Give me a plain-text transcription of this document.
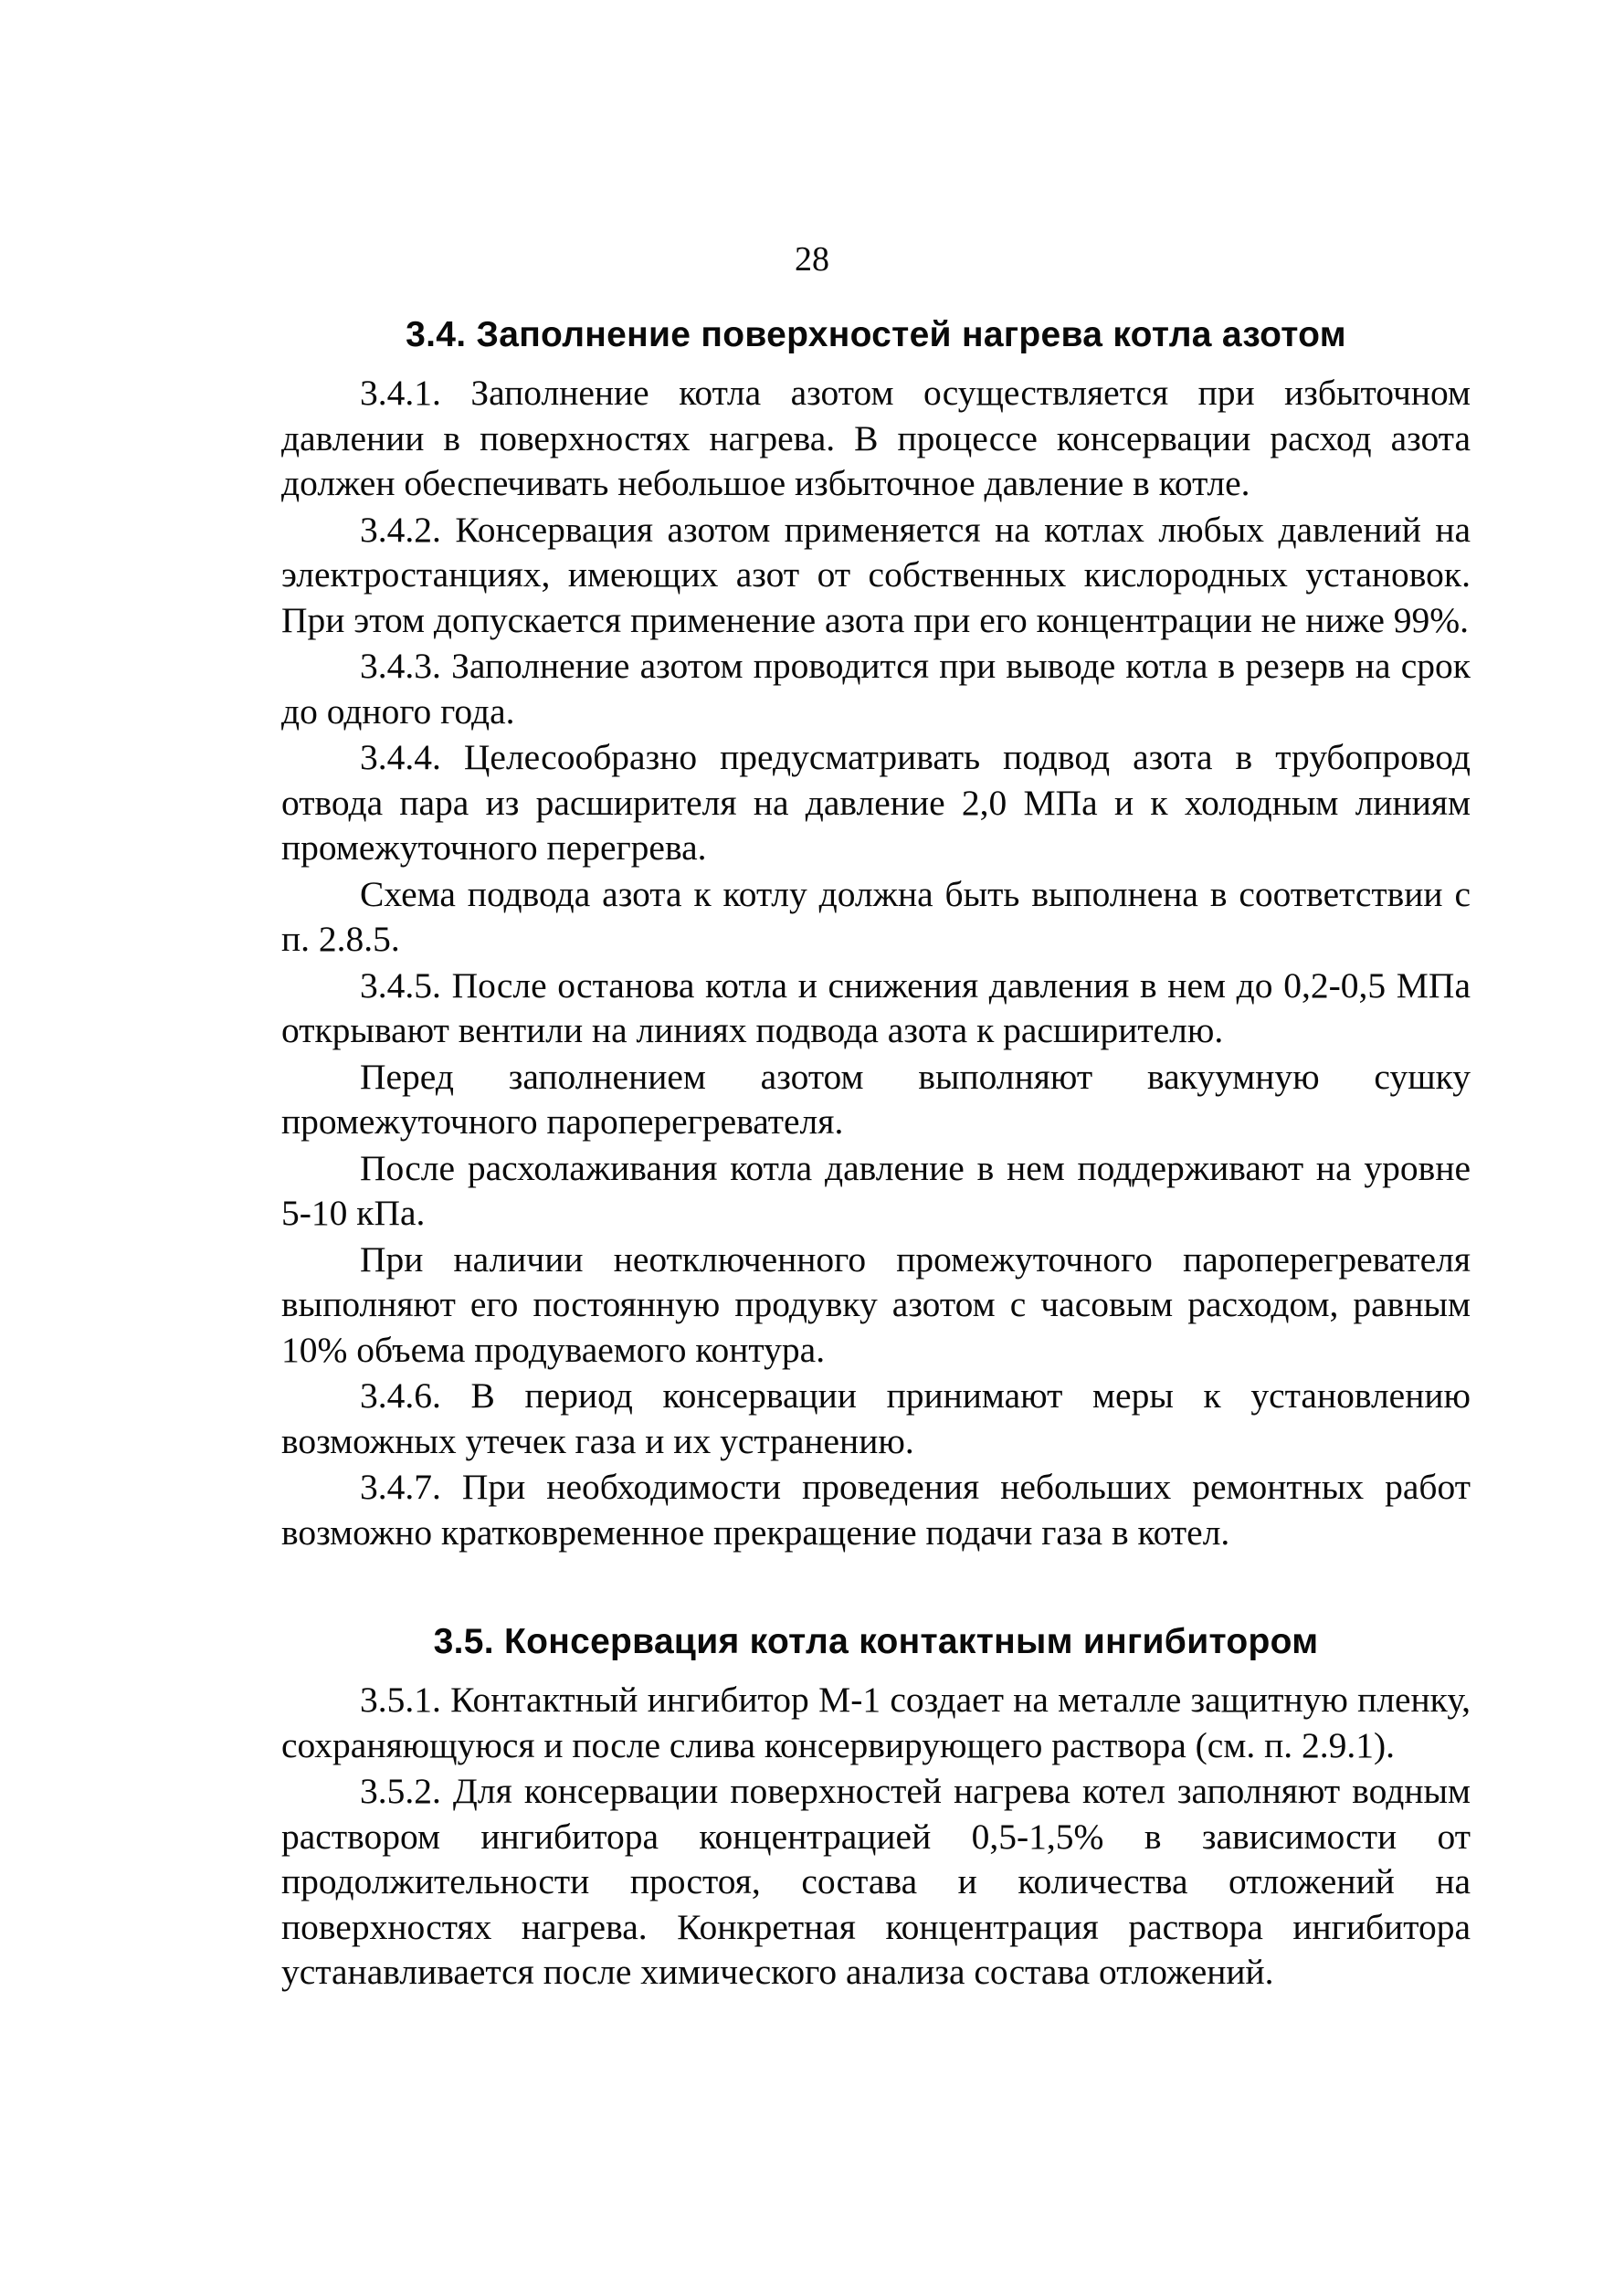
28
3.4. Заполнение поверхностей нагрева котла азотом

3.4.1. Заполнение котла азотом осуществляется при избыточном давлении в поверхностях нагрева. В процессе консервации расход азота должен обеспечивать небольшое избыточное давление в котле.

3.4.2. Консервация азотом применяется на котлах любых давлений на электростанциях, имеющих азот от собственных кислородных установок. При этом допускается применение азота при его концентрации не ниже 99%.

3.4.3. Заполнение азотом проводится при выводе котла в резерв на срок до одного года.

3.4.4. Целесообразно предусматривать подвод азота в трубопровод отвода пара из расширителя на давление 2,0 МПа и к холодным линиям промежуточного перегрева.

Схема подвода азота к котлу должна быть выполнена в соответствии с п. 2.8.5.

3.4.5. После останова котла и снижения давления в нем до 0,2-0,5 МПа открывают вентили на линиях подвода азота к расширителю.

Перед заполнением азотом выполняют вакуумную сушку промежуточного пароперегревателя.

После расхолаживания котла давление в нем поддерживают на уровне 5-10 кПа.

При наличии неотключенного промежуточного пароперегревателя выполняют его постоянную продувку азотом с часовым расходом, равным 10% объема продуваемого контура.

3.4.6. В период консервации принимают меры к установлению возможных утечек газа и их устранению.

3.4.7. При необходимости проведения небольших ремонтных работ возможно кратковременное прекращение подачи газа в котел.

3.5. Консервация котла контактным ингибитором

3.5.1. Контактный ингибитор М-1 создает на металле защитную пленку, сохраняющуюся и после слива консервирующего раствора (см. п. 2.9.1).

3.5.2. Для консервации поверхностей нагрева котел заполняют водным раствором ингибитора концентрацией 0,5-1,5% в зависимости от продолжительности простоя, состава и количества отложений на поверхностях нагрева. Конкретная концентрация раствора ингибитора устанавливается после химического анализа состава отложений.
